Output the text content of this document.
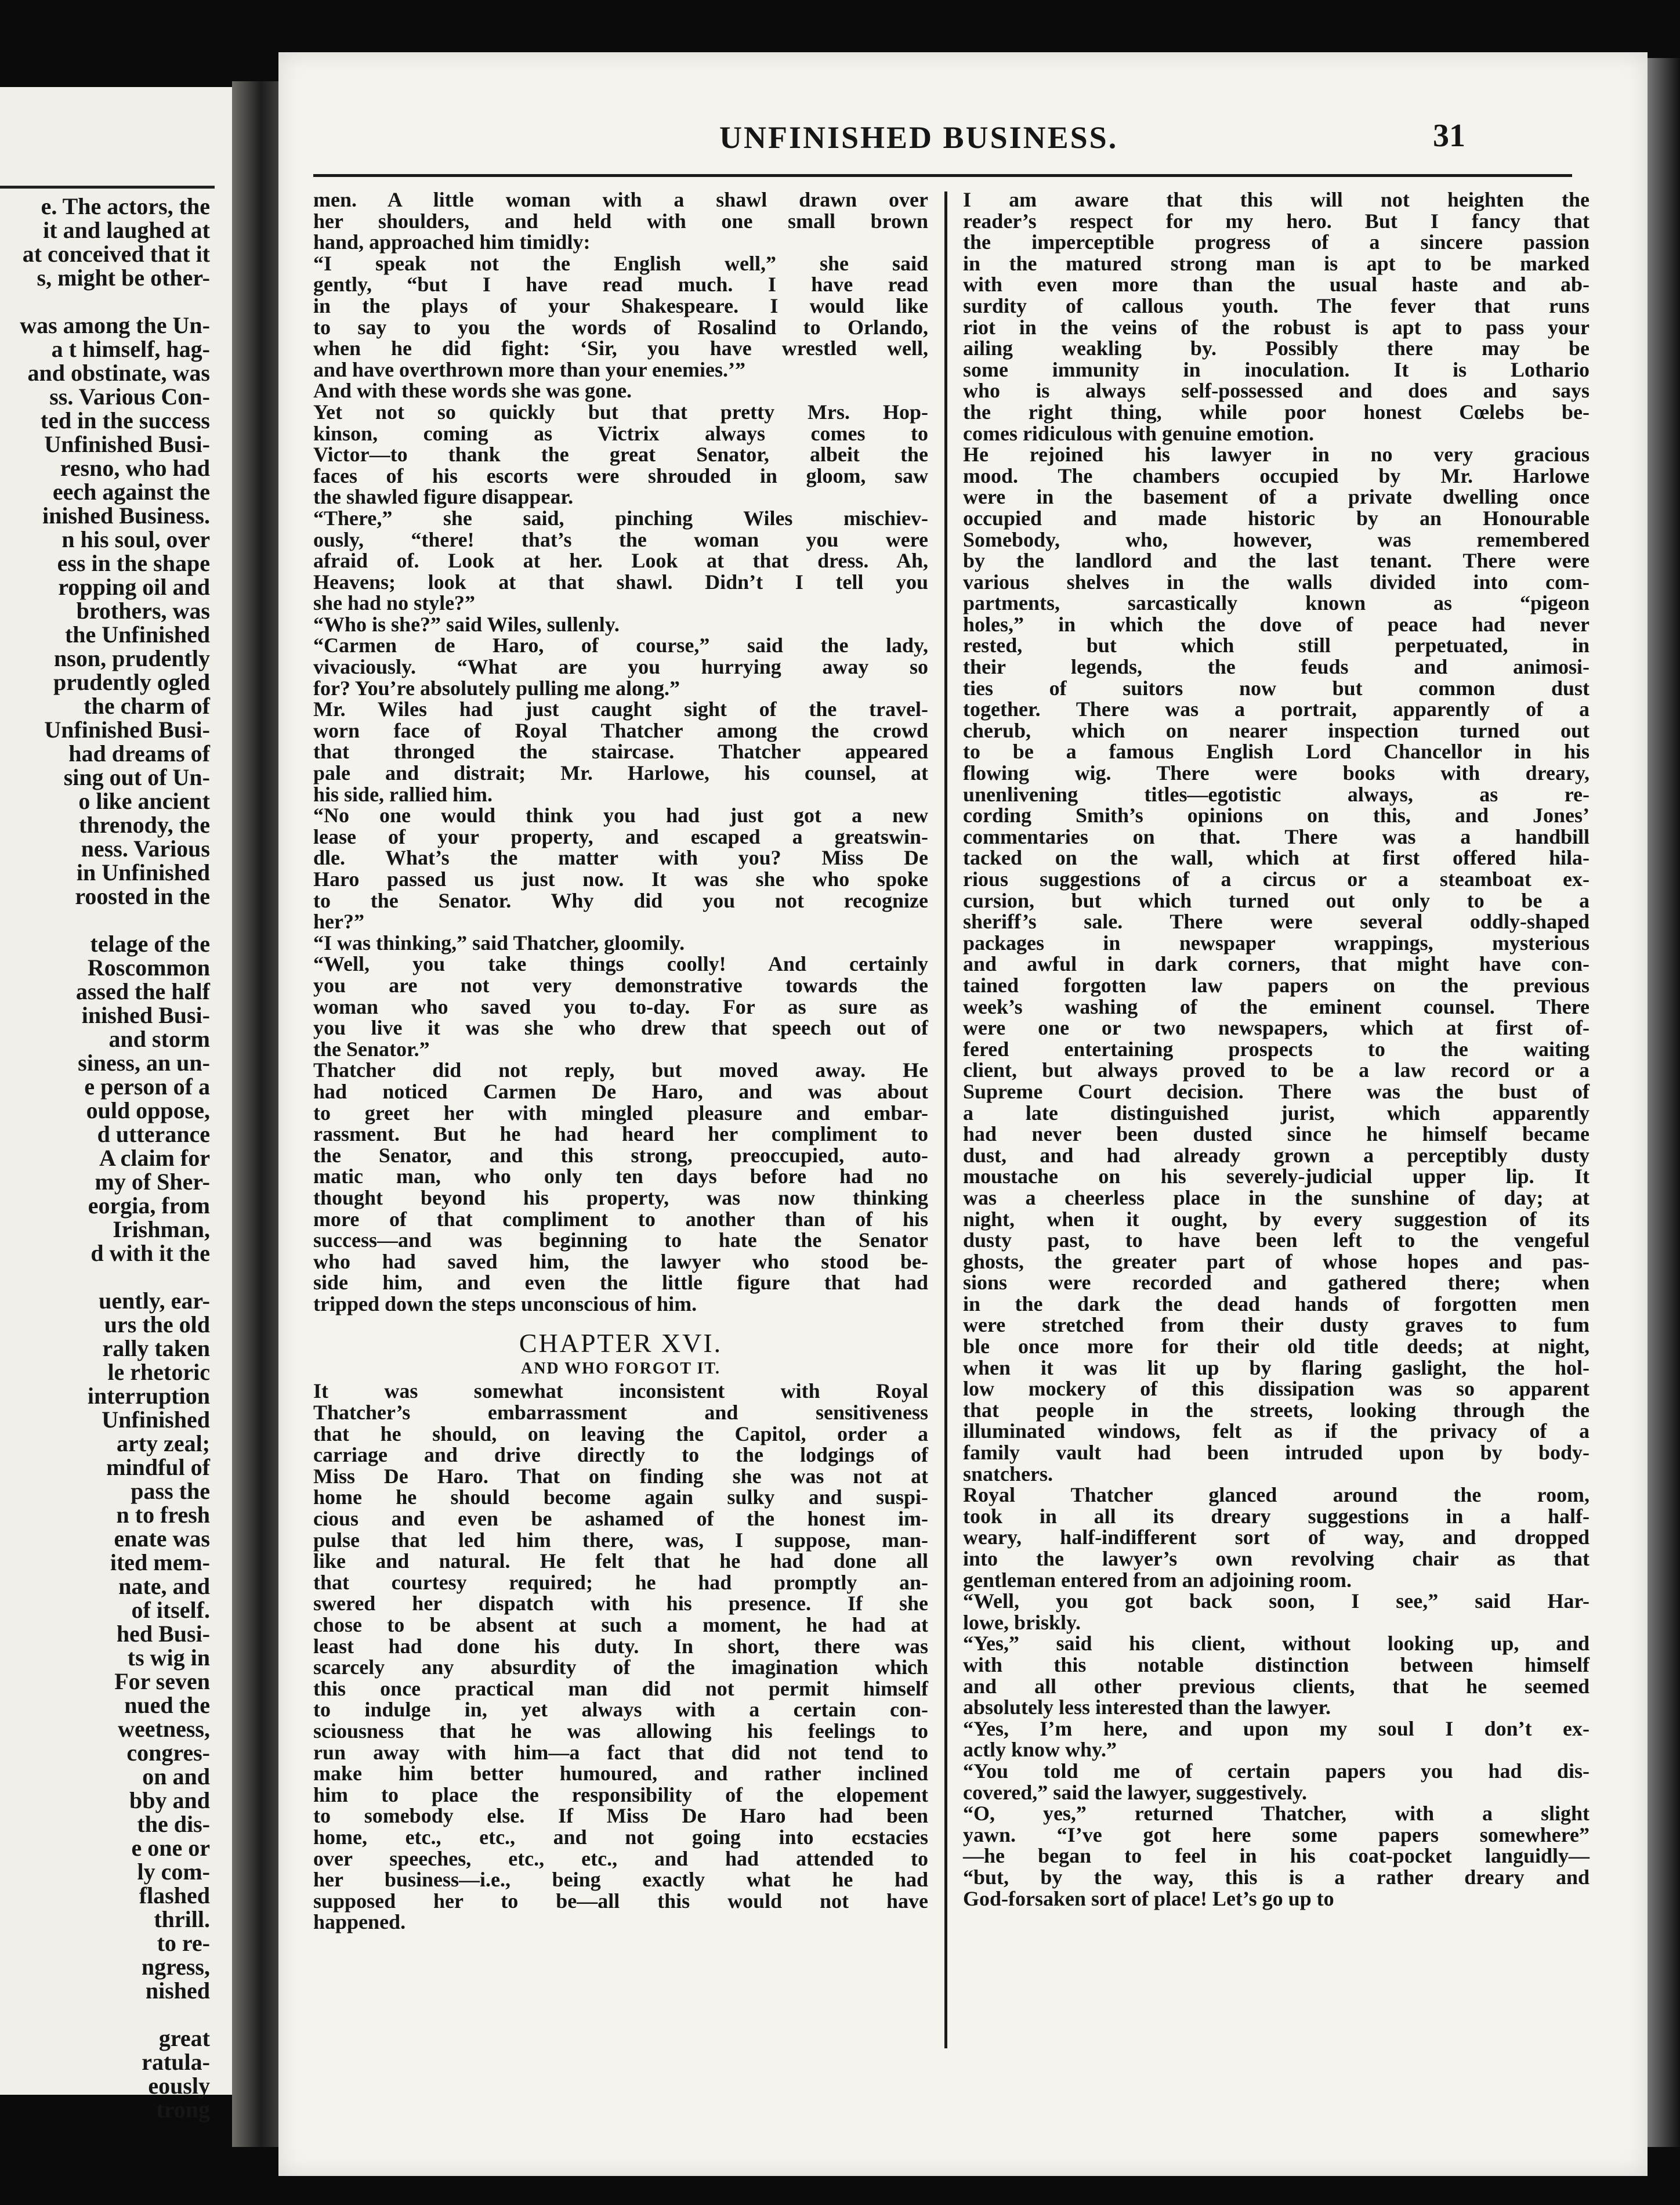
e. The actors, the
it and laughed at
at conceived that it
s, might be other-

was among the Un-
a t himself, hag-
and obstinate, was
ss. Various Con-
ted in the success
Unfinished Busi-
resno, who had
eech against the
inished Business.
n his soul, over
ess in the shape
ropping oil and
brothers, was
the Unfinished
nson, prudently
prudently ogled
the charm of
Unfinished Busi-
had dreams of
sing out of Un-
o like ancient
threnody, the
ness. Various
in Unfinished
roosted in the

telage of the
Roscommon
assed the half
inished Busi-
and storm
siness, an un-
e person of a
ould oppose,
d utterance
A claim for
my of Sher-
eorgia, from
Irishman,
d with it the

uently, ear-
urs the old
rally taken
le rhetoric
interruption
Unfinished
arty zeal;
mindful of
pass the
n to fresh
enate was
ited mem-
nate, and
of itself.
hed Busi-
ts wig in
For seven
nued the
weetness,
congres-
on and
bby and
the dis-
e one or
ly com-
flashed
thrill.
to re-
ngress,
nished

great
ratula-
eously
trong
UNFINISHED BUSINESS.	31
men. A little woman with a shawl drawn over
her shoulders, and held with one small brown
hand, approached him timidly:
“I speak not the English well,” she said
gently, “but I have read much. I have read
in the plays of your Shakespeare. I would like
to say to you the words of Rosalind to Orlando,
when he did fight: ‘Sir, you have wrestled well,
and have overthrown more than your enemies.’”
And with these words she was gone.
Yet not so quickly but that pretty Mrs. Hop-
kinson, coming as Victrix always comes to
Victor—to thank the great Senator, albeit the
faces of his escorts were shrouded in gloom, saw
the shawled figure disappear.
“There,” she said, pinching Wiles mischiev-
ously, “there! that’s the woman you were
afraid of. Look at her. Look at that dress. Ah,
Heavens; look at that shawl. Didn’t I tell you
she had no style?”
“Who is she?” said Wiles, sullenly.
“Carmen de Haro, of course,” said the lady,
vivaciously. “What are you hurrying away so
for? You’re absolutely pulling me along.”
Mr. Wiles had just caught sight of the travel-
worn face of Royal Thatcher among the crowd
that thronged the staircase. Thatcher appeared
pale and distrait; Mr. Harlowe, his counsel, at
his side, rallied him.
“No one would think you had just got a new
lease of your property, and escaped a greatswin-
dle. What’s the matter with you? Miss De
Haro passed us just now. It was she who spoke
to the Senator. Why did you not recognize
her?”
“I was thinking,” said Thatcher, gloomily.
“Well, you take things coolly! And certainly
you are not very demonstrative towards the
woman who saved you to-day. For as sure as
you live it was she who drew that speech out of
the Senator.”
Thatcher did not reply, but moved away. He
had noticed Carmen De Haro, and was about
to greet her with mingled pleasure and embar-
rassment. But he had heard her compliment to
the Senator, and this strong, preoccupied, auto-
matic man, who only ten days before had no
thought beyond his property, was now thinking
more of that compliment to another than of his
success—and was beginning to hate the Senator
who had saved him, the lawyer who stood be-
side him, and even the little figure that had
tripped down the steps unconscious of him.
CHAPTER XVI.
AND WHO FORGOT IT.
It was somewhat inconsistent with Royal
Thatcher’s embarrassment and sensitiveness
that he should, on leaving the Capitol, order a
carriage and drive directly to the lodgings of
Miss De Haro. That on finding she was not at
home he should become again sulky and suspi-
cious and even be ashamed of the honest im-
pulse that led him there, was, I suppose, man-
like and natural. He felt that he had done all
that courtesy required; he had promptly an-
swered her dispatch with his presence. If she
chose to be absent at such a moment, he had at
least had done his duty. In short, there was
scarcely any absurdity of the imagination which
this once practical man did not permit himself
to indulge in, yet always with a certain con-
sciousness that he was allowing his feelings to
run away with him—a fact that did not tend to
make him better humoured, and rather inclined
him to place the responsibility of the elopement
to somebody else. If Miss De Haro had been
home, etc., etc., and not going into ecstacies
over speeches, etc., etc., and had attended to
her business—i.e., being exactly what he had
supposed her to be—all this would not have
happened.
I am aware that this will not heighten the
reader’s respect for my hero. But I fancy that
the imperceptible progress of a sincere passion
in the matured strong man is apt to be marked
with even more than the usual haste and ab-
surdity of callous youth. The fever that runs
riot in the veins of the robust is apt to pass your
ailing weakling by. Possibly there may be
some immunity in inoculation. It is Lothario
who is always self-possessed and does and says
the right thing, while poor honest Cœlebs be-
comes ridiculous with genuine emotion.
He rejoined his lawyer in no very gracious
mood. The chambers occupied by Mr. Harlowe
were in the basement of a private dwelling once
occupied and made historic by an Honourable
Somebody, who, however, was remembered
by the landlord and the last tenant. There were
various shelves in the walls divided into com-
partments, sarcastically known as “pigeon
holes,” in which the dove of peace had never
rested, but which still perpetuated, in
their legends, the feuds and animosi-
ties of suitors now but common dust
together. There was a portrait, apparently of a
cherub, which on nearer inspection turned out
to be a famous English Lord Chancellor in his
flowing wig. There were books with dreary,
unenlivening titles—egotistic always, as re-
cording Smith’s opinions on this, and Jones’
commentaries on that. There was a handbill
tacked on the wall, which at first offered hila-
rious suggestions of a circus or a steamboat ex-
cursion, but which turned out only to be a
sheriff’s sale. There were several oddly-shaped
packages in newspaper wrappings, mysterious
and awful in dark corners, that might have con-
tained forgotten law papers on the previous
week’s washing of the eminent counsel. There
were one or two newspapers, which at first of-
fered entertaining prospects to the waiting
client, but always proved to be a law record or a
Supreme Court decision. There was the bust of
a late distinguished jurist, which apparently
had never been dusted since he himself became
dust, and had already grown a perceptibly dusty
moustache on his severely-judicial upper lip. It
was a cheerless place in the sunshine of day; at
night, when it ought, by every suggestion of its
dusty past, to have been left to the vengeful
ghosts, the greater part of whose hopes and pas-
sions were recorded and gathered there; when
in the dark the dead hands of forgotten men
were stretched from their dusty graves to fum
ble once more for their old title deeds; at night,
when it was lit up by flaring gaslight, the hol-
low mockery of this dissipation was so apparent
that people in the streets, looking through the
illuminated windows, felt as if the privacy of a
family vault had been intruded upon by body-
snatchers.
Royal Thatcher glanced around the room,
took in all its dreary suggestions in a half-
weary, half-indifferent sort of way, and dropped
into the lawyer’s own revolving chair as that
gentleman entered from an adjoining room.
“Well, you got back soon, I see,” said Har-
lowe, briskly.
“Yes,” said his client, without looking up, and
with this notable distinction between himself
and all other previous clients, that he seemed
absolutely less interested than the lawyer.
“Yes, I’m here, and upon my soul I don’t ex-
actly know why.”
“You told me of certain papers you had dis-
covered,” said the lawyer, suggestively.
“O, yes,” returned Thatcher, with a slight
yawn. “I’ve got here some papers somewhere”
—he began to feel in his coat-pocket languidly—
“but, by the way, this is a rather dreary and
God-forsaken sort of place! Let’s go up to
